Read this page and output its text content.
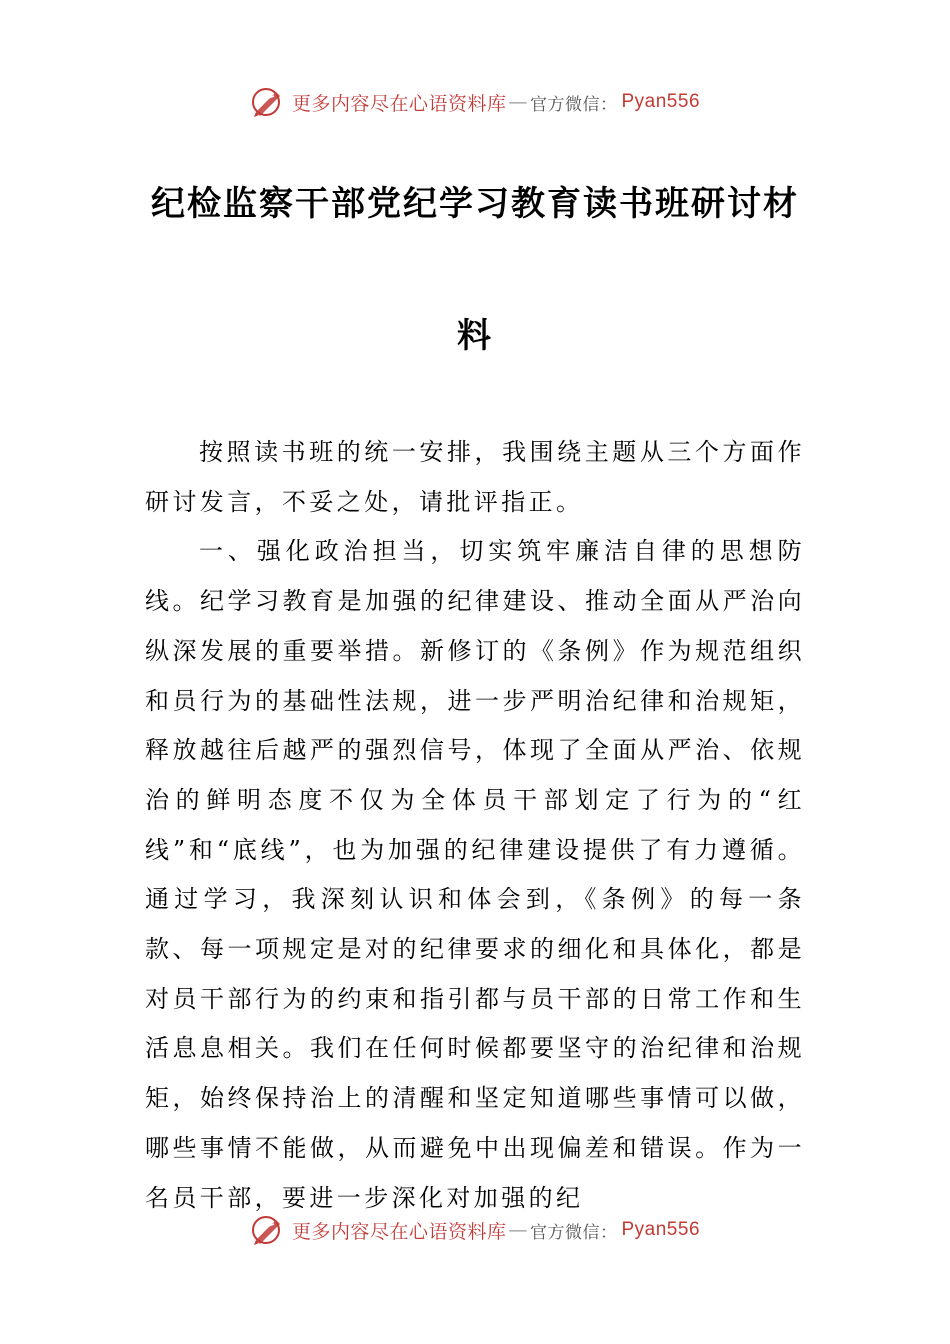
更多内容尽在心语资料库 — 官方微信： Pyan556
纪检监察干部党纪学习教育读书班研讨材
料

按照读书班的统一安排，我围绕主题从三个方面作研讨发言，不妥之处，请批评指正。

一、强化政治担当，切实筑牢廉洁自律的思想防线。纪学习教育是加强的纪律建设、推动全面从严治向纵深发展的重要举措。新修订的《条例》作为规范组织和员行为的基础性法规，进一步严明治纪律和治规矩，释放越往后越严的强烈信号，体现了全面从严治、依规治的鲜明态度不仅为全体员干部划定了行为的“红线”和“底线”，也为加强的纪律建设提供了有力遵循。通过学习，我深刻认识和体会到，《条例》的每一条款、每一项规定是对的纪律要求的细化和具体化，都是对员干部行为的约束和指引都与员干部的日常工作和生活息息相关。我们在任何时候都要坚守的治纪律和治规矩，始终保持治上的清醒和坚定知道哪些事情可以做，哪些事情不能做，从而避免中出现偏差和错误。作为一名员干部，要进一步深化对加强的纪

更多内容尽在心语资料库 — 官方微信： Pyan556
